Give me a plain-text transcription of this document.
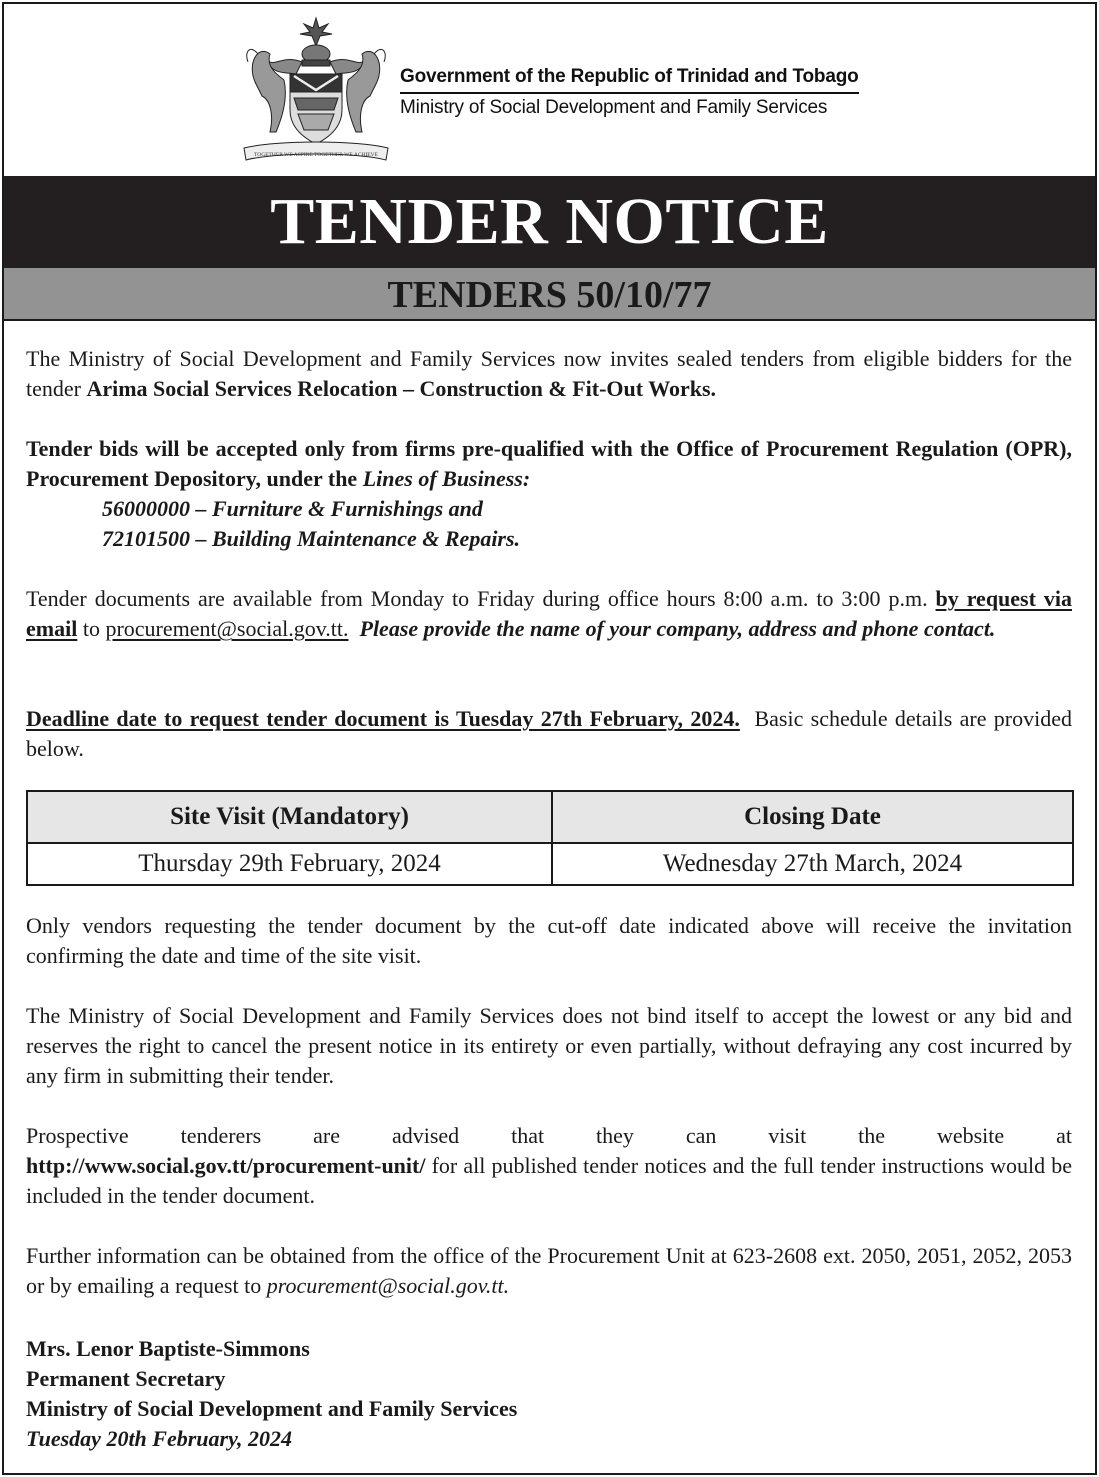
TOGETHER WE ASPIRE TOGETHER WE ACHIEVE
Government of the Republic of Trinidad and Tobago
Ministry of Social Development and Family Services
TENDER NOTICE
TENDERS 50/10/77

The Ministry of Social Development and Family Services now invites sealed tenders from eligible bidders for the tender Arima Social Services Relocation – Construction & Fit-Out Works.

Tender bids will be accepted only from firms pre-qualified with the Office of Procurement Regulation (OPR), Procurement Depository, under the Lines of Business:
56000000 – Furniture & Furnishings and
72101500 – Building Maintenance & Repairs.

Tender documents are available from Monday to Friday during office hours 8:00 a.m. to 3:00 p.m. by request via email to procurement@social.gov.tt. Please provide the name of your company, address and phone contact.

Deadline date to request tender document is Tuesday 27th February, 2024. Basic schedule details are provided below.

Site Visit (Mandatory)	Closing Date
Thursday 29th February, 2024	Wednesday 27th March, 2024

Only vendors requesting the tender document by the cut-off date indicated above will receive the invitation confirming the date and time of the site visit.

The Ministry of Social Development and Family Services does not bind itself to accept the lowest or any bid and reserves the right to cancel the present notice in its entirety or even partially, without defraying any cost incurred by any firm in submitting their tender.

Prospective tenderers are advised that they can visit the website at

http://www.social.gov.tt/procurement-unit/ for all published tender notices and the full tender instructions would be included in the tender document.

Further information can be obtained from the office of the Procurement Unit at 623-2608 ext. 2050, 2051, 2052, 2053 or by emailing a request to procurement@social.gov.tt.

Mrs. Lenor Baptiste-Simmons
Permanent Secretary
Ministry of Social Development and Family Services
Tuesday 20th February, 2024
